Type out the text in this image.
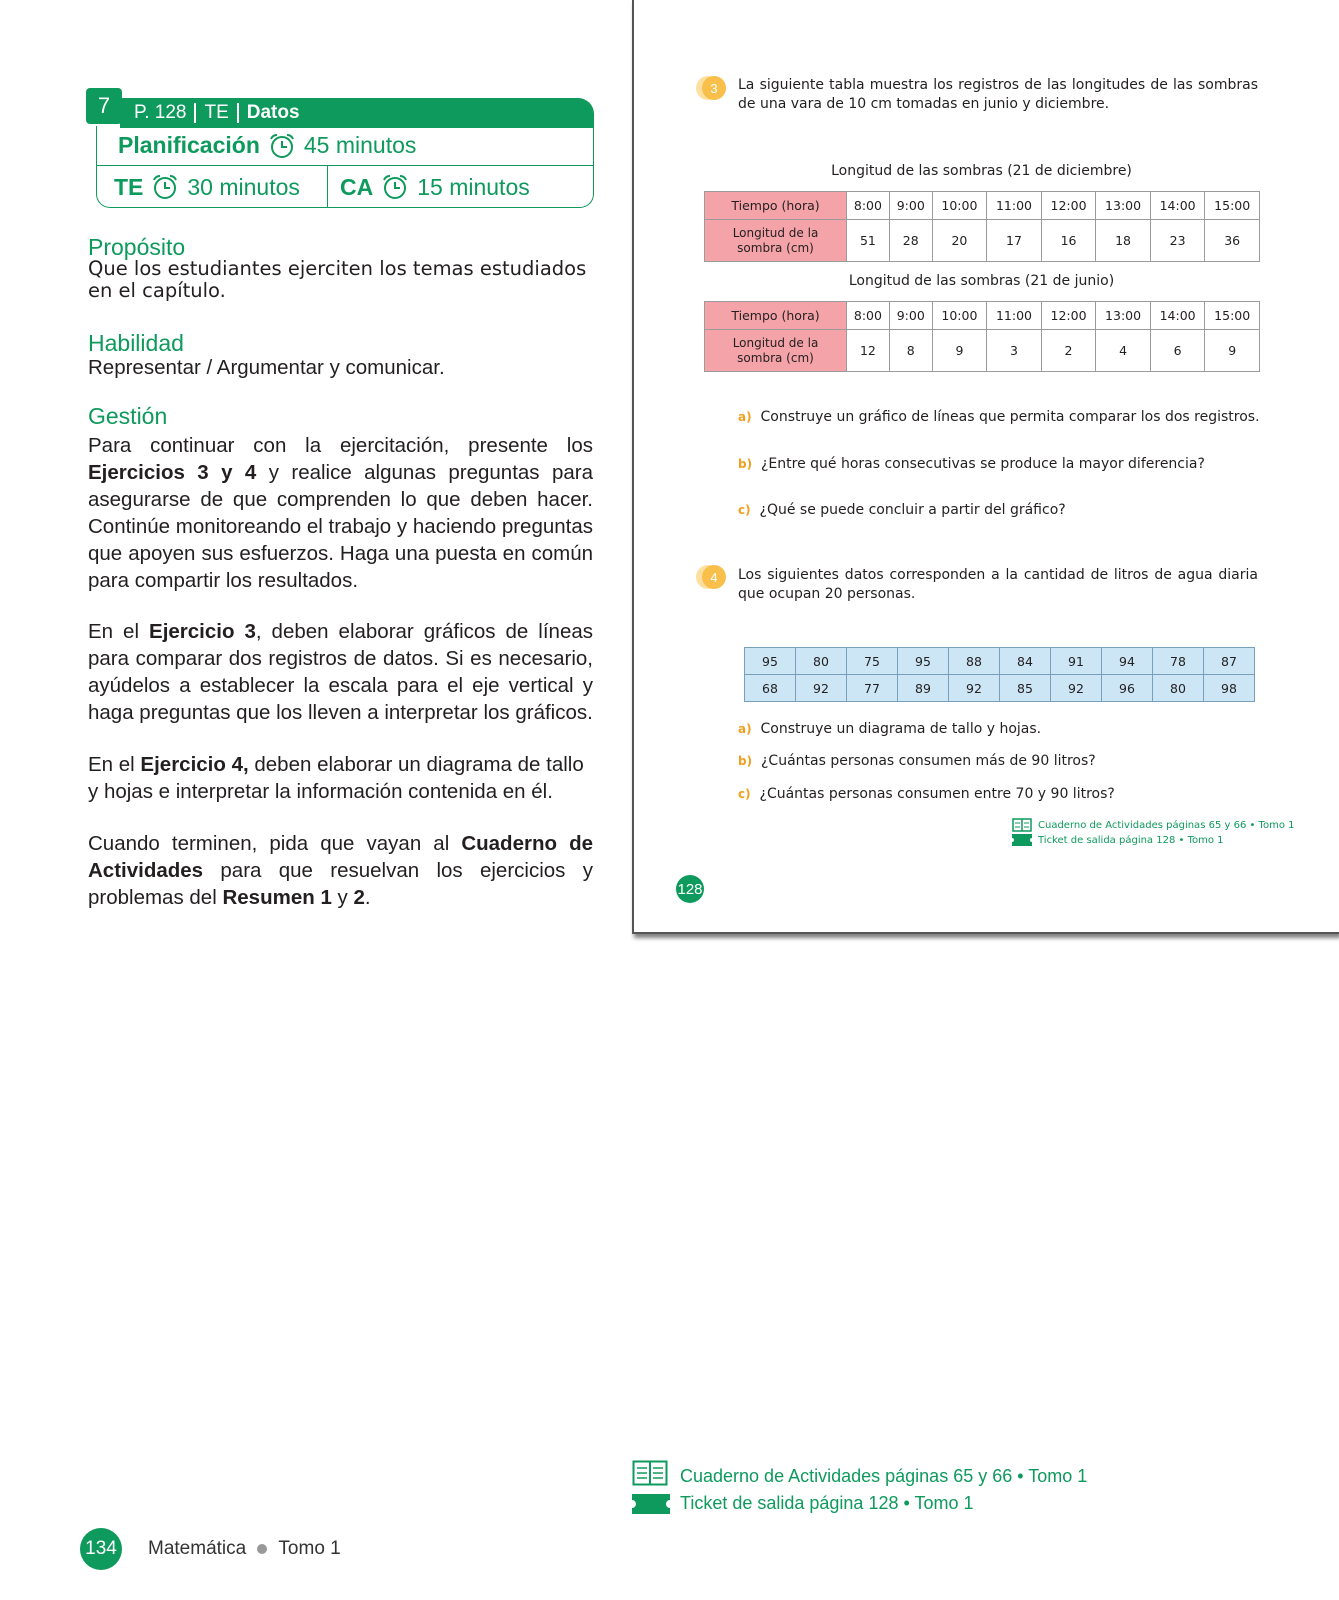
7 P. 128 TE Datos
Planificación 45 minutos
TE 30 minutos CA 15 minutos
Propósito
Que los estudiantes ejerciten los temas estudiados en el capítulo.
Habilidad
Representar / Argumentar y comunicar.
Gestión
Para continuar con la ejercitación, presente los Ejercicios 3 y 4 y realice algunas preguntas para asegurarse de que comprenden lo que deben hacer. Continúe monitoreando el trabajo y haciendo preguntas que apoyen sus esfuerzos. Haga una puesta en común para compartir los resultados.
En el Ejercicio 3, deben elaborar gráficos de líneas para comparar dos registros de datos. Si es necesario, ayúdelos a establecer la escala para el eje vertical y haga preguntas que los lleven a interpretar los gráficos.
En el Ejercicio 4, deben elaborar un diagrama de tallo y hojas e interpretar la información contenida en él.
Cuando terminen, pida que vayan al Cuaderno de Actividades para que resuelvan los ejercicios y problemas del Resumen 1 y 2.
3 La siguiente tabla muestra los registros de las longitudes de las sombras de una vara de 10 cm tomadas en junio y diciembre.
Longitud de las sombras (21 de diciembre)
Tiempo (hora)	8:00	9:00	10:00	11:00	12:00	13:00	14:00	15:00
Longitud de la
sombra (cm)	51	28	20	17	16	18	23	36
Longitud de las sombras (21 de junio)
Tiempo (hora)	8:00	9:00	10:00	11:00	12:00	13:00	14:00	15:00
Longitud de la
sombra (cm)	12	8	9	3	2	4	6	9
a) Construye un gráfico de líneas que permita comparar los dos registros.
b) ¿Entre qué horas consecutivas se produce la mayor diferencia?
c) ¿Qué se puede concluir a partir del gráfico?
4 Los siguientes datos corresponden a la cantidad de litros de agua diaria que ocupan 20 personas.
95	80	75	95	88	84	91	94	78	87
68	92	77	89	92	85	92	96	80	98
a) Construye un diagrama de tallo y hojas.
b) ¿Cuántas personas consumen más de 90 litros?
c) ¿Cuántas personas consumen entre 70 y 90 litros?
Cuaderno de Actividades páginas 65 y 66 • Tomo 1
Ticket de salida página 128 • Tomo 1
128
Cuaderno de Actividades páginas 65 y 66 • Tomo 1
Ticket de salida página 128 • Tomo 1
134 Matemática Tomo 1
